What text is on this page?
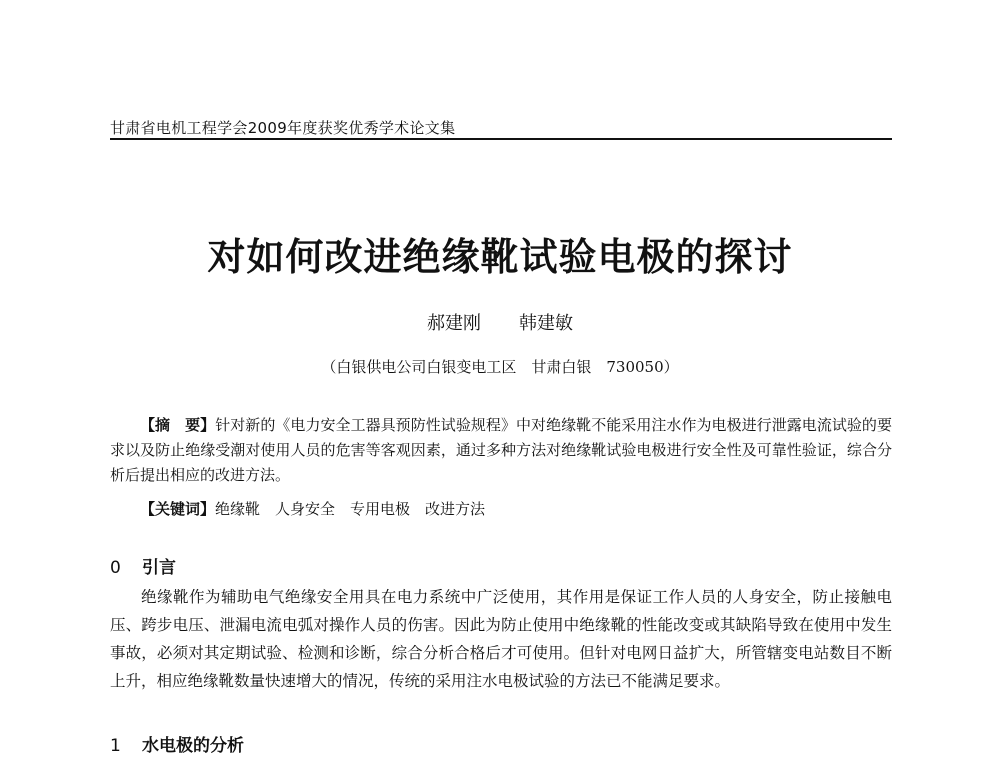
甘肃省电机工程学会2009年度获奖优秀学术论文集
对如何改进绝缘靴试验电极的探讨
郝建刚 韩建敏
（白银供电公司白银变电工区　甘肃白银　730050）

【摘　要】针对新的《电力安全工器具预防性试验规程》中对绝缘靴不能采用注水作为电极进行泄露电流试验的要求以及防止绝缘受潮对使用人员的危害等客观因素，通过多种方法对绝缘靴试验电极进行安全性及可靠性验证，综合分析后提出相应的改进方法。

【关键词】绝缘靴　人身安全　专用电极　改进方法

0 引言

绝缘靴作为辅助电气绝缘安全用具在电力系统中广泛使用，其作用是保证工作人员的人身安全，防止接触电压、跨步电压、泄漏电流电弧对操作人员的伤害。因此为防止使用中绝缘靴的性能改变或其缺陷导致在使用中发生事故，必须对其定期试验、检测和诊断，综合分析合格后才可使用。但针对电网日益扩大，所管辖变电站数目不断上升，相应绝缘靴数量快速增大的情况，传统的采用注水电极试验的方法已不能满足要求。

1 水电极的分析
